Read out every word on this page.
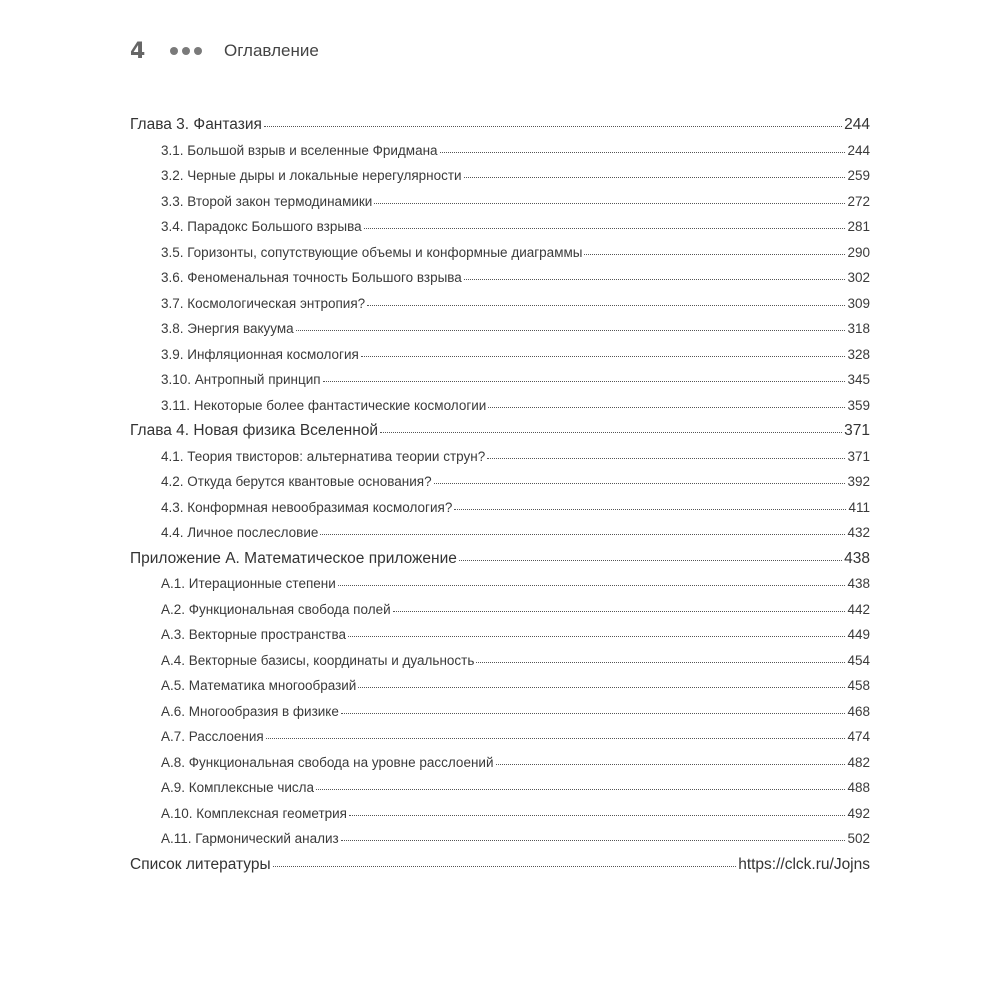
4	Оглавление
Глава 3. Фантазия	244
3.1. Большой взрыв и вселенные Фридмана	244
3.2. Черные дыры и локальные нерегулярности	259
3.3. Второй закон термодинамики	272
3.4. Парадокс Большого взрыва	281
3.5. Горизонты, сопутствующие объемы и конформные диаграммы	290
3.6. Феноменальная точность Большого взрыва	302
3.7. Космологическая энтропия?	309
3.8. Энергия вакуума	318
3.9. Инфляционная космология	328
3.10. Антропный принцип	345
3.11. Некоторые более фантастические космологии	359
Глава 4. Новая физика Вселенной	371
4.1. Теория твисторов: альтернатива теории струн?	371
4.2. Откуда берутся квантовые основания?	392
4.3. Конформная невообразимая космология?	411
4.4. Личное послесловие	432
Приложение А. Математическое приложение	438
А.1. Итерационные степени	438
А.2. Функциональная свобода полей	442
А.3. Векторные пространства	449
А.4. Векторные базисы, координаты и дуальность	454
А.5. Математика многообразий	458
А.6. Многообразия в физике	468
А.7. Расслоения	474
А.8. Функциональная свобода на уровне расслоений	482
А.9. Комплексные числа	488
А.10. Комплексная геометрия	492
А.11. Гармонический анализ	502
Список литературы	https://clck.ru/Jojns
